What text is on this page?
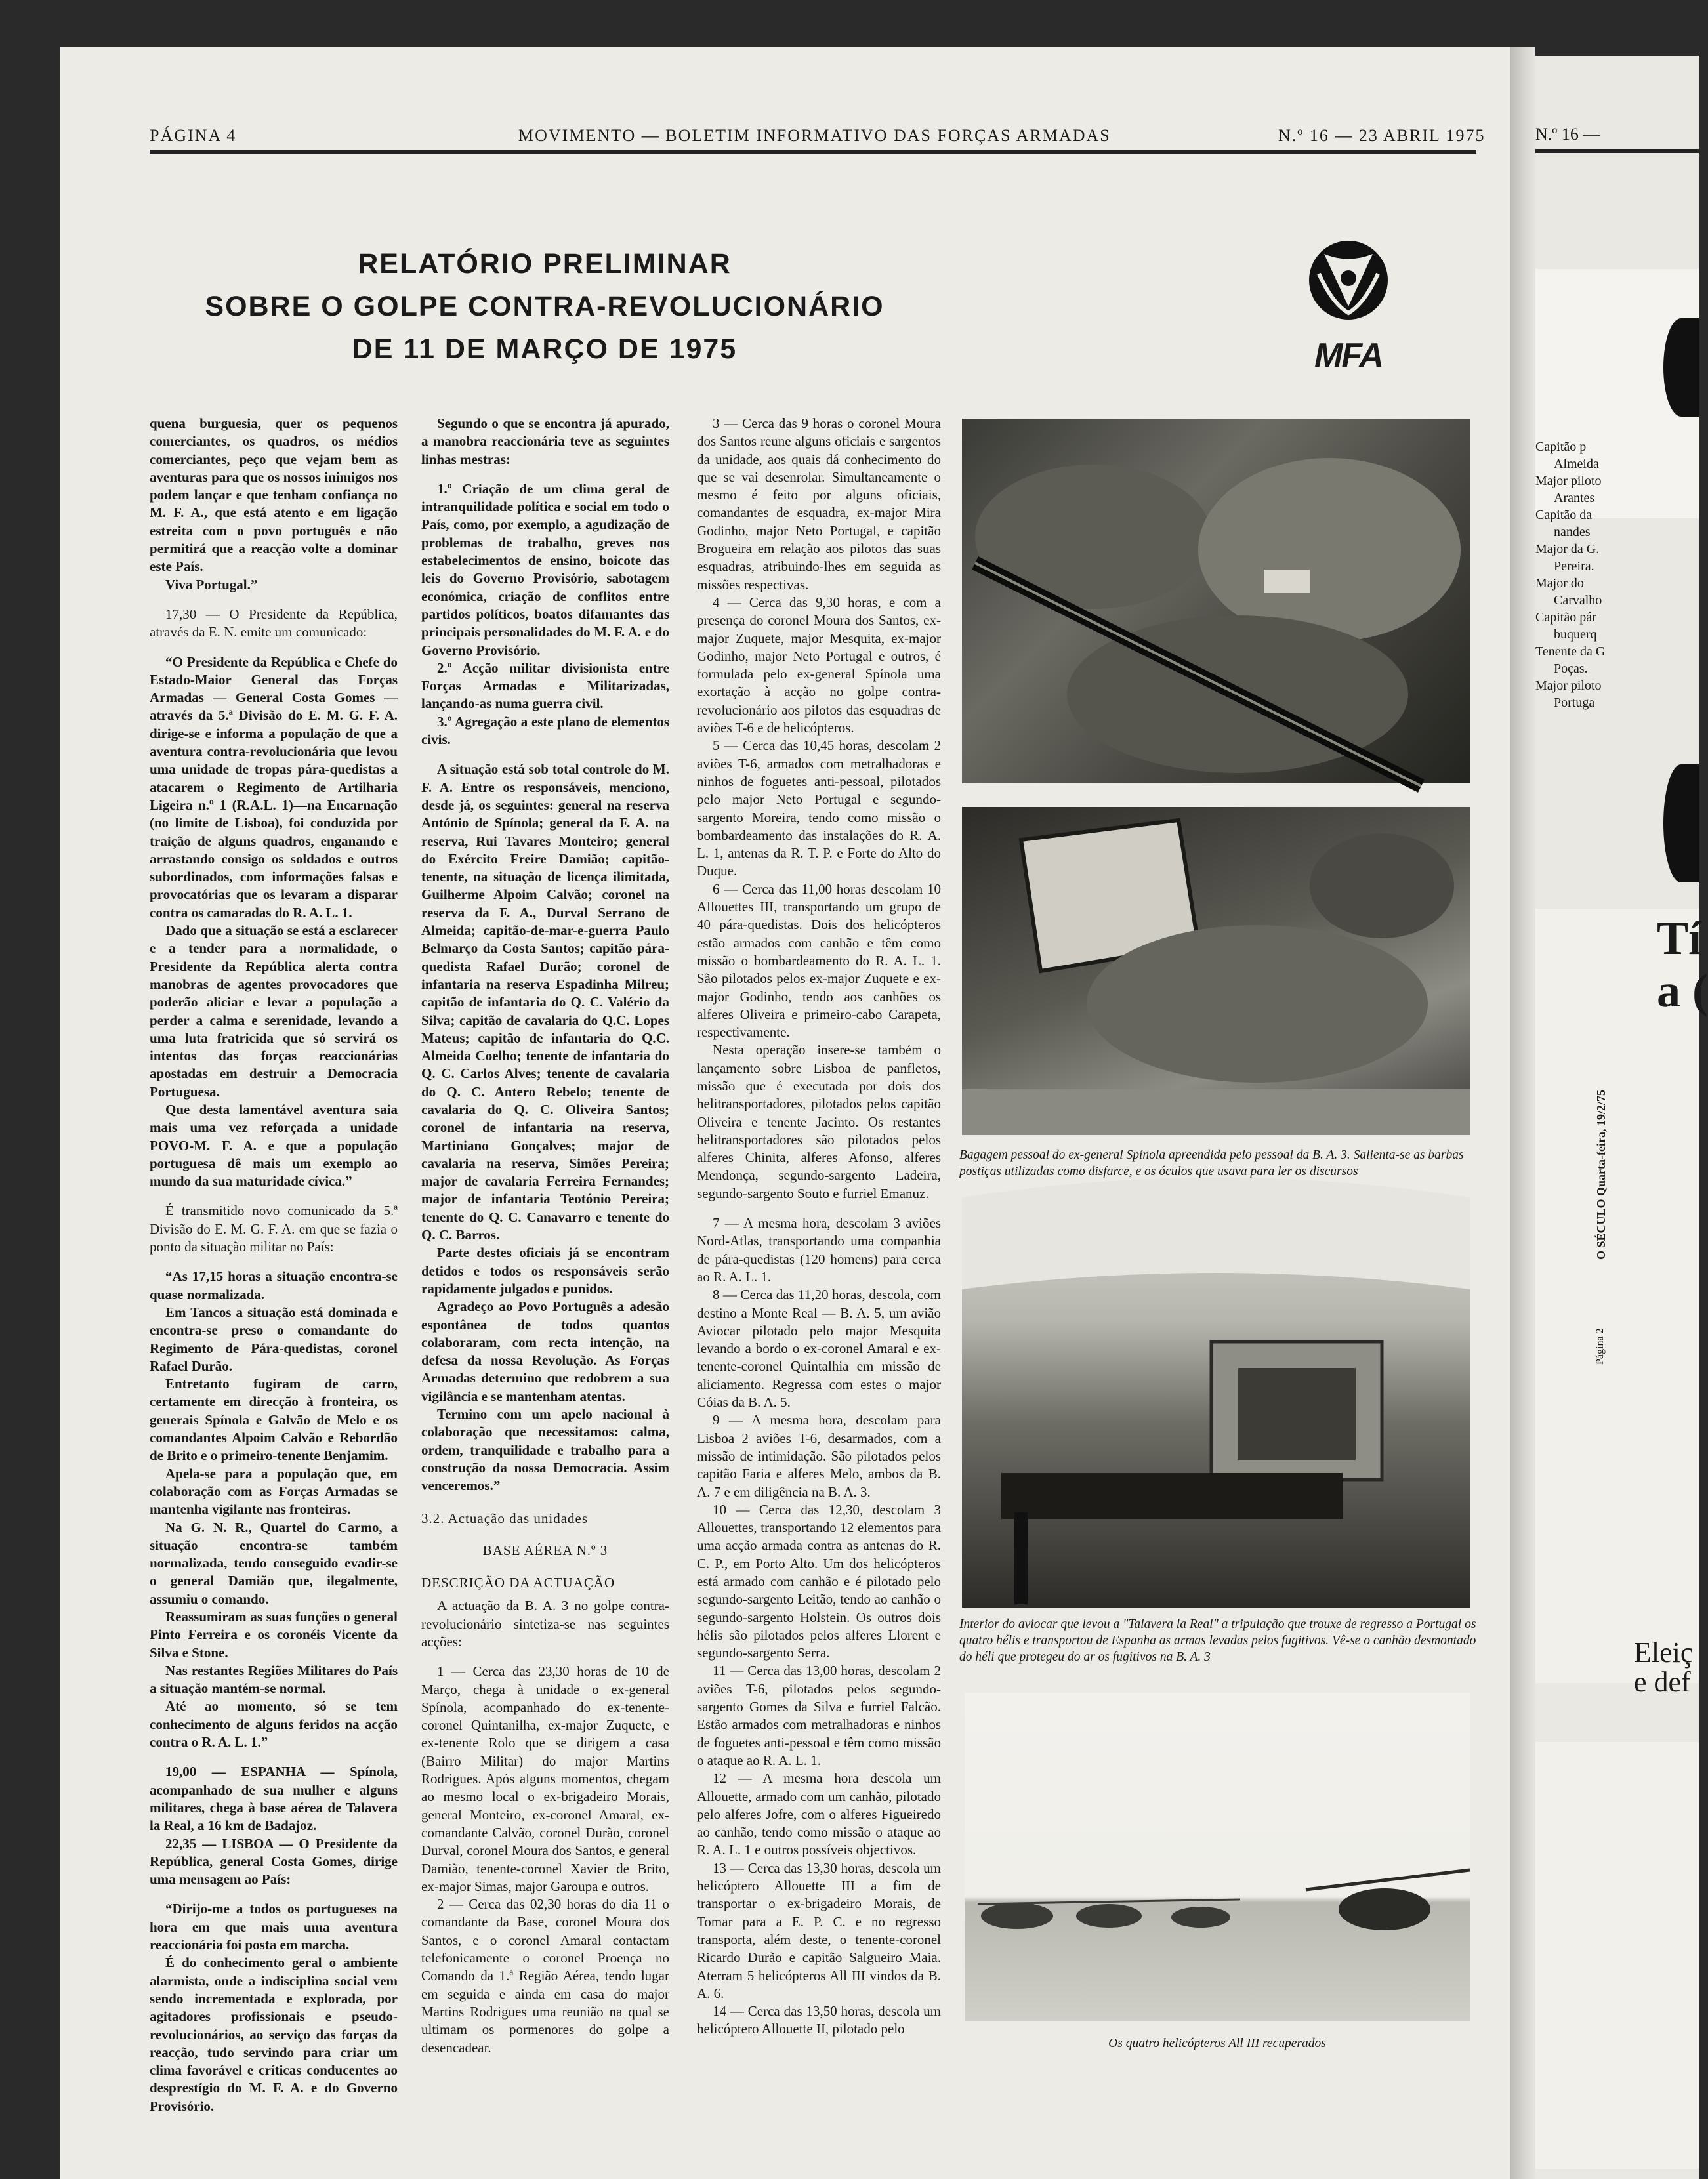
PÁGINA 4	MOVIMENTO — BOLETIM INFORMATIVO DAS FORÇAS ARMADAS	N.º 16 — 23 ABRIL 1975
RELATÓRIO PRELIMINAR
SOBRE O GOLPE CONTRA-REVOLUCIONÁRIO
DE 11 DE MARÇO DE 1975	MFA

quena burguesia, quer os pequenos comerciantes, os quadros, os médios comerciantes, peço que vejam bem as aventuras para que os nossos inimigos nos podem lançar e que tenham confiança no M. F. A., que está atento e em ligação estreita com o povo português e não permitirá que a reacção volte a dominar este País.

Viva Portugal.”

17,30 — O Presidente da República, através da E. N. emite um comunicado:

“O Presidente da República e Chefe do Estado-Maior General das Forças Armadas — General Costa Gomes — através da 5.ª Divisão do E. M. G. F. A. dirige-se e informa a população de que a aventura contra-revolucionária que levou uma unidade de tropas pára-quedistas a atacarem o Regimento de Artilharia Ligeira n.º 1 (R.A.L. 1)—na Encarnação (no limite de Lisboa), foi conduzida por traição de alguns quadros, enganando e arrastando consigo os soldados e outros subordinados, com informações falsas e provocatórias que os levaram a disparar contra os camaradas do R. A. L. 1.

Dado que a situação se está a esclarecer e a tender para a normalidade, o Presidente da República alerta contra manobras de agentes provocadores que poderão aliciar e levar a população a perder a calma e serenidade, levando a uma luta fratricida que só servirá os intentos das forças reaccionárias apostadas em destruir a Democracia Portuguesa.

Que desta lamentável aventura saia mais uma vez reforçada a unidade POVO-M. F. A. e que a população portuguesa dê mais um exemplo ao mundo da sua maturidade cívica.”

É transmitido novo comunicado da 5.ª Divisão do E. M. G. F. A. em que se fazia o ponto da situação militar no País:

“As 17,15 horas a situação encontra-se quase normalizada.

Em Tancos a situação está dominada e encontra-se preso o comandante do Regimento de Pára-quedistas, coronel Rafael Durão.

Entretanto fugiram de carro, certamente em direcção à fronteira, os generais Spínola e Galvão de Melo e os comandantes Alpoim Calvão e Rebordão de Brito e o primeiro-tenente Benjamim.

Apela-se para a população que, em colaboração com as Forças Armadas se mantenha vigilante nas fronteiras.

Na G. N. R., Quartel do Carmo, a situação encontra-se também normalizada, tendo conseguido evadir-se o general Damião que, ilegalmente, assumiu o comando.

Reassumiram as suas funções o general Pinto Ferreira e os coronéis Vicente da Silva e Stone.

Nas restantes Regiões Militares do País a situação mantém-se normal.

Até ao momento, só se tem conhecimento de alguns feridos na acção contra o R. A. L. 1.”

19,00 — ESPANHA — Spínola, acompanhado de sua mulher e alguns militares, chega à base aérea de Talavera la Real, a 16 km de Badajoz.

22,35 — LISBOA — O Presidente da República, general Costa Gomes, dirige uma mensagem ao País:

“Dirijo-me a todos os portugueses na hora em que mais uma aventura reaccionária foi posta em marcha.

É do conhecimento geral o ambiente alarmista, onde a indisciplina social vem sendo incrementada e explorada, por agitadores profissionais e pseudo-revolucionários, ao serviço das forças da reacção, tudo servindo para criar um clima favorável e críticas conducentes ao desprestígio do M. F. A. e do Governo Provisório.

Segundo o que se encontra já apurado, a manobra reaccionária teve as seguintes linhas mestras:

1.º Criação de um clima geral de intranquilidade política e social em todo o País, como, por exemplo, a agudização de problemas de trabalho, greves nos estabelecimentos de ensino, boicote das leis do Governo Provisório, sabotagem económica, criação de conflitos entre partidos políticos, boatos difamantes das principais personalidades do M. F. A. e do Governo Provisório.

2.º Acção militar divisionista entre Forças Armadas e Militarizadas, lançando-as numa guerra civil.

3.º Agregação a este plano de elementos civis.

A situação está sob total controle do M. F. A. Entre os responsáveis, menciono, desde já, os seguintes: general na reserva António de Spínola; general da F. A. na reserva, Rui Tavares Monteiro; general do Exército Freire Damião; capitão-tenente, na situação de licença ilimitada, Guilherme Alpoim Calvão; coronel na reserva da F. A., Durval Serrano de Almeida; capitão-de-mar-e-guerra Paulo Belmarço da Costa Santos; capitão pára-quedista Rafael Durão; coronel de infantaria na reserva Espadinha Milreu; capitão de infantaria do Q. C. Valério da Silva; capitão de cavalaria do Q.C. Lopes Mateus; capitão de infantaria do Q.C. Almeida Coelho; tenente de infantaria do Q. C. Carlos Alves; tenente de cavalaria do Q. C. Antero Rebelo; tenente de cavalaria do Q. C. Oliveira Santos; coronel de infantaria na reserva, Martiniano Gonçalves; major de cavalaria na reserva, Simões Pereira; major de cavalaria Ferreira Fernandes; major de infantaria Teotónio Pereira; tenente do Q. C. Canavarro e tenente do Q. C. Barros.

Parte destes oficiais já se encontram detidos e todos os responsáveis serão rapidamente julgados e punidos.

Agradeço ao Povo Português a adesão espontânea de todos quantos colaboraram, com recta intenção, na defesa da nossa Revolução. As Forças Armadas determino que redobrem a sua vigilância e se mantenham atentas.

Termino com um apelo nacional à colaboração que necessitamos: calma, ordem, tranquilidade e trabalho para a construção da nossa Democracia. Assim venceremos.”

3.2. Actuação das unidades
BASE AÉREA N.º 3
DESCRIÇÃO DA ACTUAÇÃO

A actuação da B. A. 3 no golpe contra-revolucionário sintetiza-se nas seguintes acções:

1 — Cerca das 23,30 horas de 10 de Março, chega à unidade o ex-general Spínola, acompanhado do ex-tenente-coronel Quintanilha, ex-major Zuquete, e ex-tenente Rolo que se dirigem a casa (Bairro Militar) do major Martins Rodrigues. Após alguns momentos, chegam ao mesmo local o ex-brigadeiro Morais, general Monteiro, ex-coronel Amaral, ex-comandante Calvão, coronel Durão, coronel Durval, coronel Moura dos Santos, e general Damião, tenente-coronel Xavier de Brito, ex-major Simas, major Garoupa e outros.

2 — Cerca das 02,30 horas do dia 11 o comandante da Base, coronel Moura dos Santos, e o coronel Amaral contactam telefonicamente o coronel Proença no Comando da 1.ª Região Aérea, tendo lugar em seguida e ainda em casa do major Martins Rodrigues uma reunião na qual se ultimam os pormenores do golpe a desencadear.

3 — Cerca das 9 horas o coronel Moura dos Santos reune alguns oficiais e sargentos da unidade, aos quais dá conhecimento do que se vai desenrolar. Simultaneamente o mesmo é feito por alguns oficiais, comandantes de esquadra, ex-major Mira Godinho, major Neto Portugal, e capitão Brogueira em relação aos pilotos das suas esquadras, atribuindo-lhes em seguida as missões respectivas.

4 — Cerca das 9,30 horas, e com a presença do coronel Moura dos Santos, ex-major Zuquete, major Mesquita, ex-major Godinho, major Neto Portugal e outros, é formulada pelo ex-general Spínola uma exortação à acção no golpe contra-revolucionário aos pilotos das esquadras de aviões T-6 e de helicópteros.

5 — Cerca das 10,45 horas, descolam 2 aviões T-6, armados com metralhadoras e ninhos de foguetes anti-pessoal, pilotados pelo major Neto Portugal e segundo-sargento Moreira, tendo como missão o bombardeamento das instalações do R. A. L. 1, antenas da R. T. P. e Forte do Alto do Duque.

6 — Cerca das 11,00 horas descolam 10 Allouettes III, transportando um grupo de 40 pára-quedistas. Dois dos helicópteros estão armados com canhão e têm como missão o bombardeamento do R. A. L. 1. São pilotados pelos ex-major Zuquete e ex-major Godinho, tendo aos canhões os alferes Oliveira e primeiro-cabo Carapeta, respectivamente.

Nesta operação insere-se também o lançamento sobre Lisboa de panfletos, missão que é executada por dois dos helitransportadores, pilotados pelos capitão Oliveira e tenente Jacinto. Os restantes helitransportadores são pilotados pelos alferes Chinita, alferes Afonso, alferes Mendonça, segundo-sargento Ladeira, segundo-sargento Souto e furriel Emanuz.

7 — A mesma hora, descolam 3 aviões Nord-Atlas, transportando uma companhia de pára-quedistas (120 homens) para cerca ao R. A. L. 1.

8 — Cerca das 11,20 horas, descola, com destino a Monte Real — B. A. 5, um avião Aviocar pilotado pelo major Mesquita levando a bordo o ex-coronel Amaral e ex-tenente-coronel Quintalhia em missão de aliciamento. Regressa com estes o major Cóias da B. A. 5.

9 — A mesma hora, descolam para Lisboa 2 aviões T-6, desarmados, com a missão de intimidação. São pilotados pelos capitão Faria e alferes Melo, ambos da B. A. 7 e em diligência na B. A. 3.

10 — Cerca das 12,30, descolam 3 Allouettes, transportando 12 elementos para uma acção armada contra as antenas do R. C. P., em Porto Alto. Um dos helicópteros está armado com canhão e é pilotado pelo segundo-sargento Leitão, tendo ao canhão o segundo-sargento Holstein. Os outros dois hélis são pilotados pelos alferes Llorent e segundo-sargento Serra.

11 — Cerca das 13,00 horas, descolam 2 aviões T-6, pilotados pelos segundo-sargento Gomes da Silva e furriel Falcão. Estão armados com metralhadoras e ninhos de foguetes anti-pessoal e têm como missão o ataque ao R. A. L. 1.

12 — A mesma hora descola um Allouette, armado com um canhão, pilotado pelo alferes Jofre, com o alferes Figueiredo ao canhão, tendo como missão o ataque ao R. A. L. 1 e outros possíveis objectivos.

13 — Cerca das 13,30 horas, descola um helicóptero Allouette III a fim de transportar o ex-brigadeiro Morais, de Tomar para a E. P. C. e no regresso transporta, além deste, o tenente-coronel Ricardo Durão e capitão Salgueiro Maia. Aterram 5 helicópteros All III vindos da B. A. 6.

14 — Cerca das 13,50 horas, descola um helicóptero Allouette II, pilotado pelo

Bagagem pessoal do ex-general Spínola apreendida pelo pessoal da B. A. 3. Salienta-se as barbas postiças utilizadas como disfarce, e os óculos que usava para ler os discursos
Interior do aviocar que levou a "Talavera la Real" a tripulação que trouxe de regresso a Portugal os quatro hélis e transportou de Espanha as armas levadas pelos fugitivos. Vê-se o canhão desmontado do héli que protegeu do ar os fugitivos na B. A. 3
Os quatro helicópteros All III recuperados
N.º 16 —
Capitão p
Almeida
Major piloto
Arantes
Capitão da
nandes
Major da G.
Pereira.
Major do
Carvalho
Capitão pár
buquerq
Tenente da G
Poças.
Major piloto
Portuga
Tí
a (
O SÉCULO Quarta-feira, 19/2/75
Página 2
Eleiç
e def
